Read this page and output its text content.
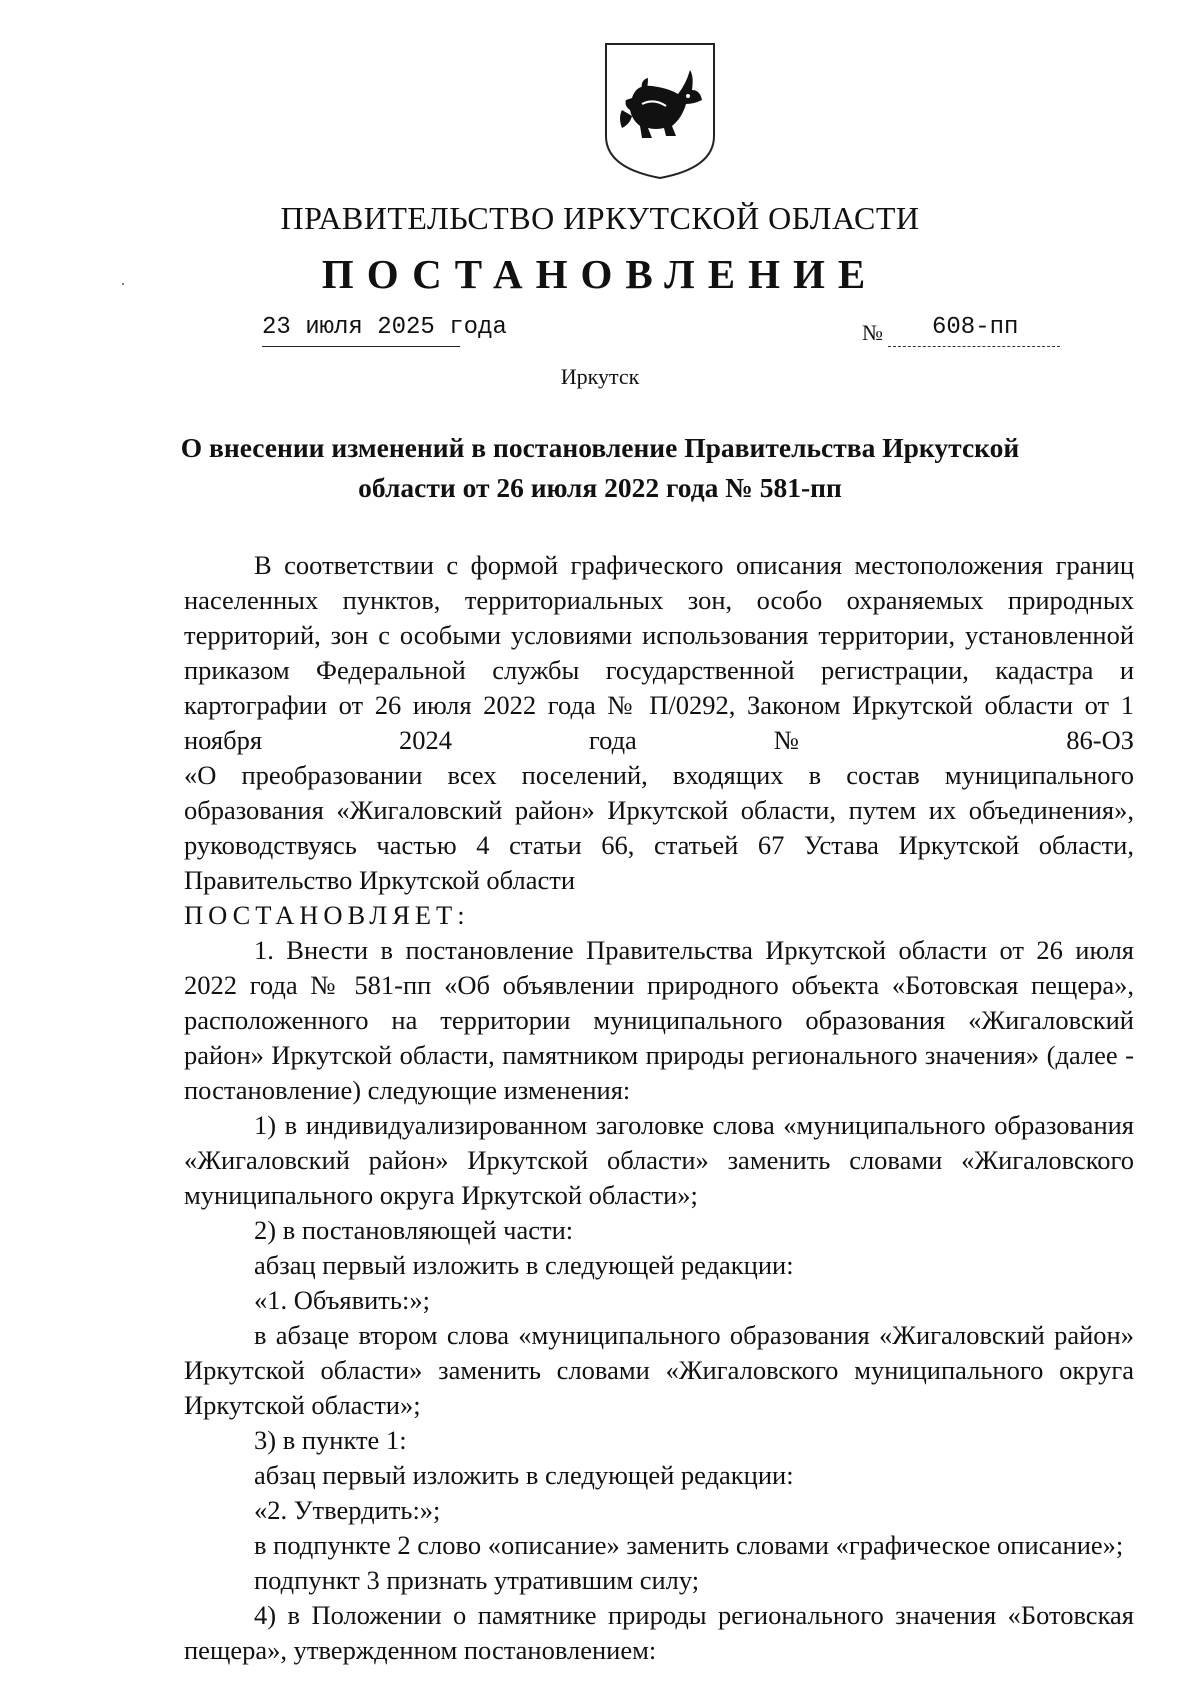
ПРАВИТЕЛЬСТВО ИРКУТСКОЙ ОБЛАСТИ
ПОСТАНОВЛЕНИЕ
23 июля 2025 года	№ 608-пп
Иркутск
О внесении изменений в постановление Правительства Иркутской
области от 26 июля 2022 года № 581-пп

В соответствии с формой графического описания местоположения границ населенных пунктов, территориальных зон, особо охраняемых природных территорий, зон с особыми условиями использования территории, установленной приказом Федеральной службы государственной регистрации, кадастра и картографии от 26 июля 2022 года № П/0292, Законом Иркутской области от 1 ноября 2024 года № 86-ОЗ

«О преобразовании всех поселений, входящих в состав муниципального образования «Жигаловский район» Иркутской области, путем их объединения», руководствуясь частью 4 статьи 66, статьей 67 Устава Иркутской области, Правительство Иркутской области

ПОСТАНОВЛЯЕТ:

1. Внести в постановление Правительства Иркутской области от 26 июля 2022 года № 581-пп «Об объявлении природного объекта «Ботовская пещера», расположенного на территории муниципального образования «Жигаловский район» Иркутской области, памятником природы регионального значения» (далее - постановление) следующие изменения:

1) в индивидуализированном заголовке слова «муниципального образования «Жигаловский район» Иркутской области» заменить словами «Жигаловского муниципального округа Иркутской области»;

2) в постановляющей части:

абзац первый изложить в следующей редакции:

«1. Объявить:»;

в абзаце втором слова «муниципального образования «Жигаловский район» Иркутской области» заменить словами «Жигаловского муниципального округа Иркутской области»;

3) в пункте 1:

абзац первый изложить в следующей редакции:

«2. Утвердить:»;

в подпункте 2 слово «описание» заменить словами «графическое описание»;

подпункт 3 признать утратившим силу;

4) в Положении о памятнике природы регионального значения «Ботовская пещера», утвержденном постановлением:
